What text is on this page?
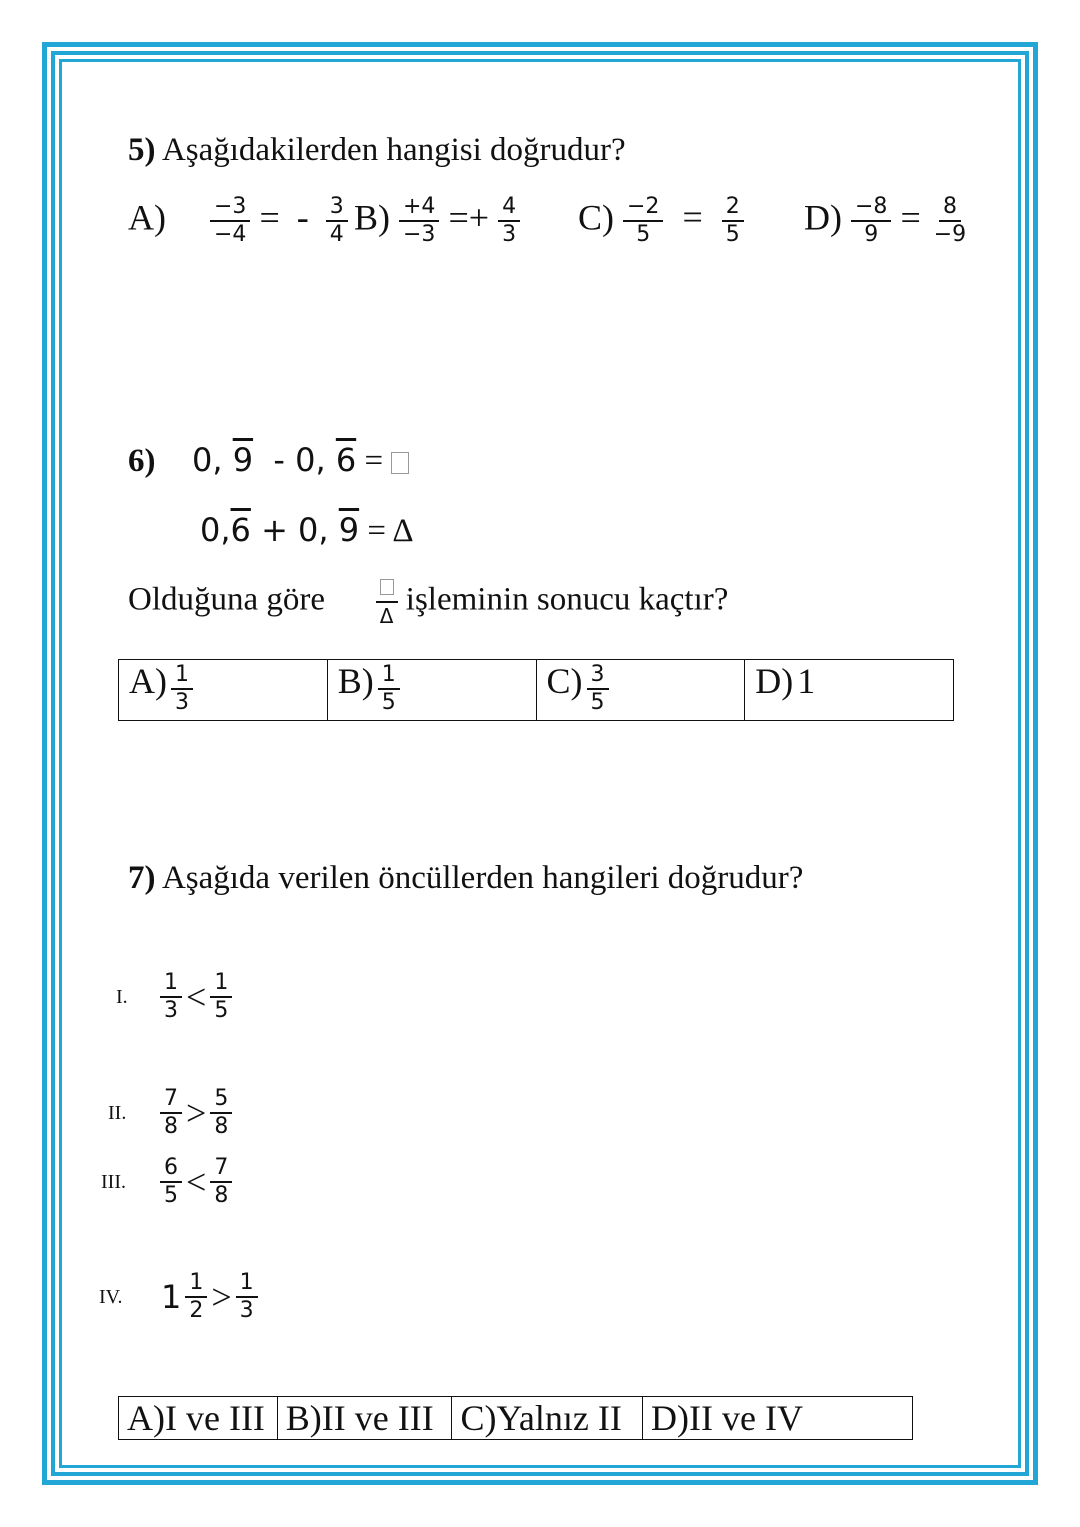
5) Aşağıdakilerden hangisi doğrudur?
$A) \frac{-3}{-4}$ = - $\frac{3}{4} B) \frac{+4}{-3} =+ \frac{4}{3} C) \frac{-2}{5} = \frac{2}{5} D) \frac{-8}{9} = \frac{8}{-9}$
6) 0, 9 - 0, 6 =
0,6 + 0, 9 = Δ
Olduğuna göre	Δ işleminin sonucu kaçtır?
$A) \frac{1}{3}$	$B) \frac{1}{5}$	$C) \frac{3}{5}$	D) 1
7) Aşağıda verilen öncüllerden hangileri doğrudur?
I. $\frac{1}{3} < \frac{1}{5}$
II. $\frac{7}{8} > \frac{5}{8}$
III. $\frac{6}{5} < \frac{7}{8}$
IV. $1 \frac{1}{2} > \frac{1}{3}$
A)I ve III	B)II ve III	C)Yalnız II	D)II ve IV
